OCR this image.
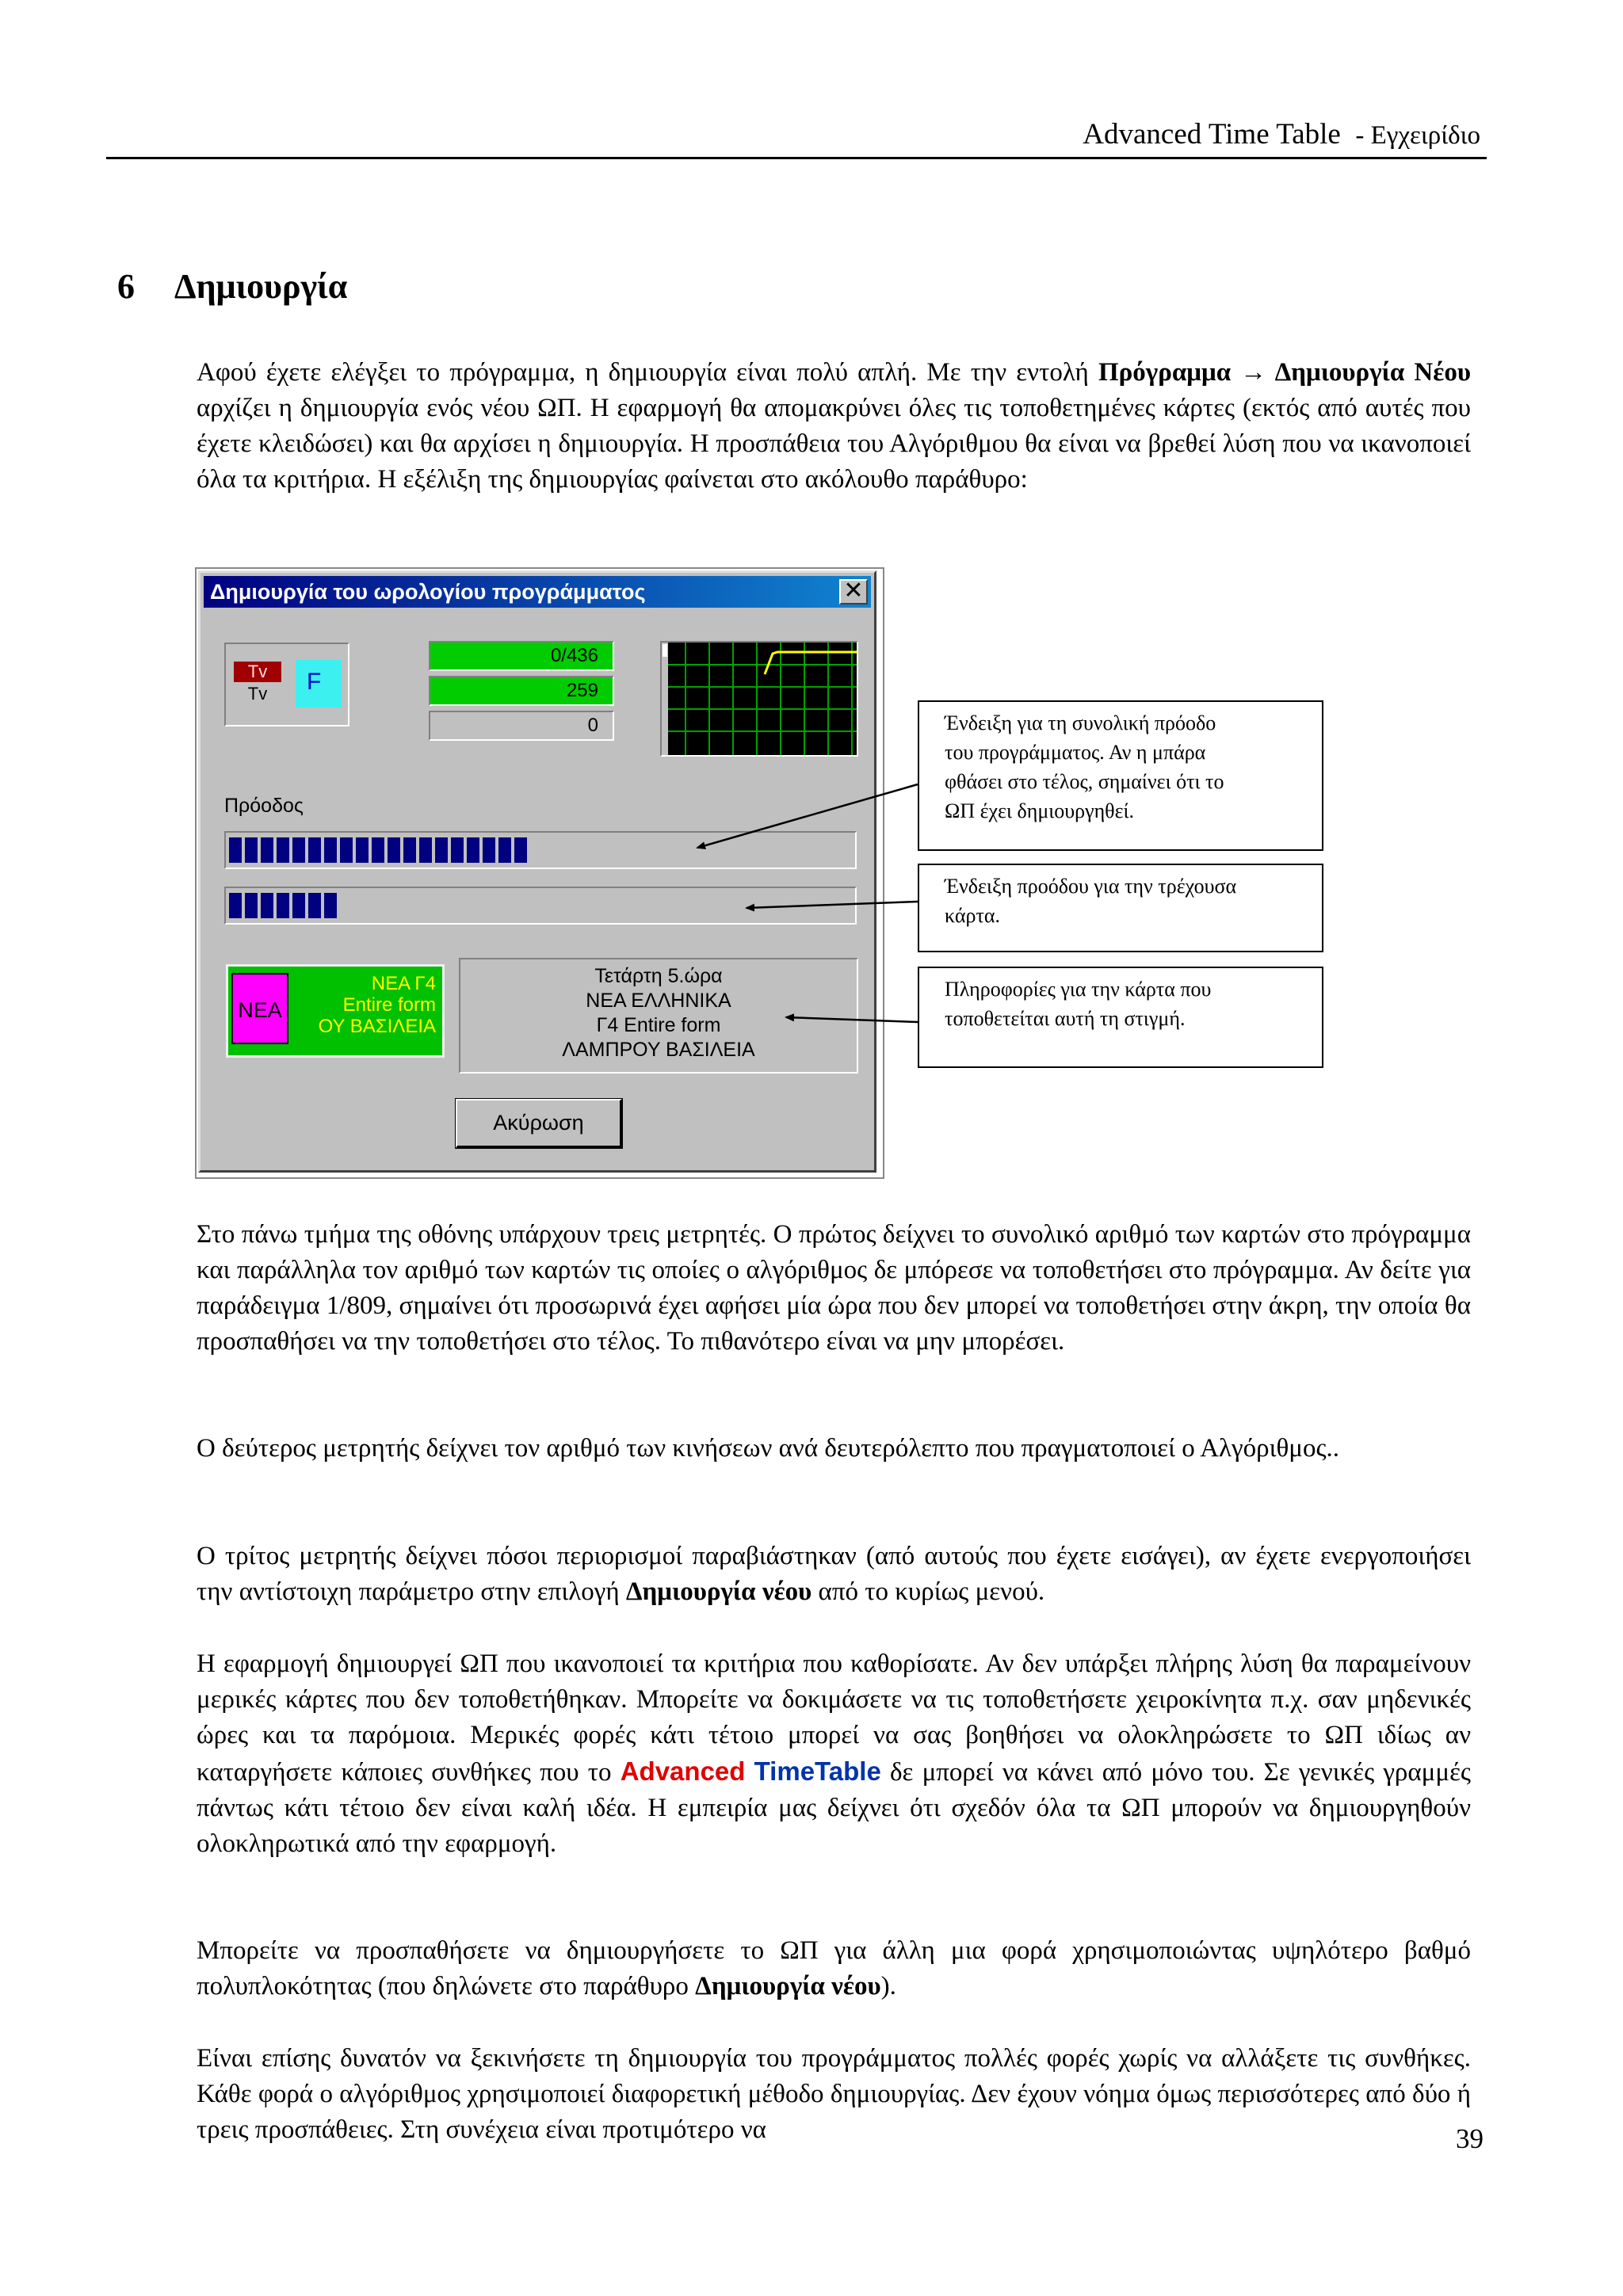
Advanced Time Table - Εγχειρίδιο
6 Δημιουργία

Αφού έχετε ελέγξει το πρόγραμμα, η δημιουργία είναι πολύ απλή. Με την εντολή Πρόγραμμα → Δημιουργία Νέου αρχίζει η δημιουργία ενός νέου ΩΠ. Η εφαρμογή θα απομακρύνει όλες τις τοποθετημένες κάρτες (εκτός από αυτές που έχετε κλειδώσει) και θα αρχίσει η δημιουργία. Η προσπάθεια του Αλγόριθμου θα είναι να βρεθεί λύση που να ικανοποιεί όλα τα κριτήρια. Η εξέλιξη της δημιουργίας φαίνεται στο ακόλουθο παράθυρο:

Δημιουργία του ωρολογίου προγράμματος	✕
Tv
Tv	F
0/436
259
0
Πρόοδος
ΝΕΑ
ΝΕΑ Γ4
Entire form
ΟΥ ΒΑΣΙΛΕΙΑ
Τετάρτη 5.ώρα
ΝΕΑ ΕΛΛΗΝΙΚΑ
Γ4 Entire form
ΛΑΜΠΡΟΥ ΒΑΣΙΛΕΙΑ
Ακύρωση
Ένδειξη για τη συνολική πρόοδο
του προγράμματος. Αν η μπάρα
φθάσει στο τέλος, σημαίνει ότι το
ΩΠ έχει δημιουργηθεί.
Ένδειξη προόδου για την τρέχουσα
κάρτα.
Πληροφορίες για την κάρτα που
τοποθετείται αυτή τη στιγμή.

Στο πάνω τμήμα της οθόνης υπάρχουν τρεις μετρητές. Ο πρώτος δείχνει το συνολικό αριθμό των καρτών στο πρόγραμμα και παράλληλα τον αριθμό των καρτών τις οποίες ο αλγόριθμος δε μπόρεσε να τοποθετήσει στο πρόγραμμα. Αν δείτε για παράδειγμα 1/809, σημαίνει ότι προσωρινά έχει αφήσει μία ώρα που δεν μπορεί να τοποθετήσει στην άκρη, την οποία θα προσπαθήσει να την τοποθετήσει στο τέλος. Το πιθανότερο είναι να μην μπορέσει.

Ο δεύτερος μετρητής δείχνει τον αριθμό των κινήσεων ανά δευτερόλεπτο που πραγματοποιεί ο Αλγόριθμος..

Ο τρίτος μετρητής δείχνει πόσοι περιορισμοί παραβιάστηκαν (από αυτούς που έχετε εισάγει), αν έχετε ενεργοποιήσει την αντίστοιχη παράμετρο στην επιλογή Δημιουργία νέου από το κυρίως μενού.

Η εφαρμογή δημιουργεί ΩΠ που ικανοποιεί τα κριτήρια που καθορίσατε. Αν δεν υπάρξει πλήρης λύση θα παραμείνουν μερικές κάρτες που δεν τοποθετήθηκαν. Μπορείτε να δοκιμάσετε να τις τοποθετήσετε χειροκίνητα π.χ. σαν μηδενικές ώρες και τα παρόμοια. Μερικές φορές κάτι τέτοιο μπορεί να σας βοηθήσει να ολοκληρώσετε το ΩΠ ιδίως αν καταργήσετε κάποιες συνθήκες που το Advanced TimeTable δε μπορεί να κάνει από μόνο του. Σε γενικές γραμμές πάντως κάτι τέτοιο δεν είναι καλή ιδέα. Η εμπειρία μας δείχνει ότι σχεδόν όλα τα ΩΠ μπορούν να δημιουργηθούν ολοκληρωτικά από την εφαρμογή.

Μπορείτε να προσπαθήσετε να δημιουργήσετε το ΩΠ για άλλη μια φορά χρησιμοποιώντας υψηλότερο βαθμό πολυπλοκότητας (που δηλώνετε στο παράθυρο Δημιουργία νέου).

Είναι επίσης δυνατόν να ξεκινήσετε τη δημιουργία του προγράμματος πολλές φορές χωρίς να αλλάξετε τις συνθήκες. Κάθε φορά ο αλγόριθμος χρησιμοποιεί διαφορετική μέθοδο δημιουργίας. Δεν έχουν νόημα όμως περισσότερες από δύο ή τρεις προσπάθειες. Στη συνέχεια είναι προτιμότερο να	39
